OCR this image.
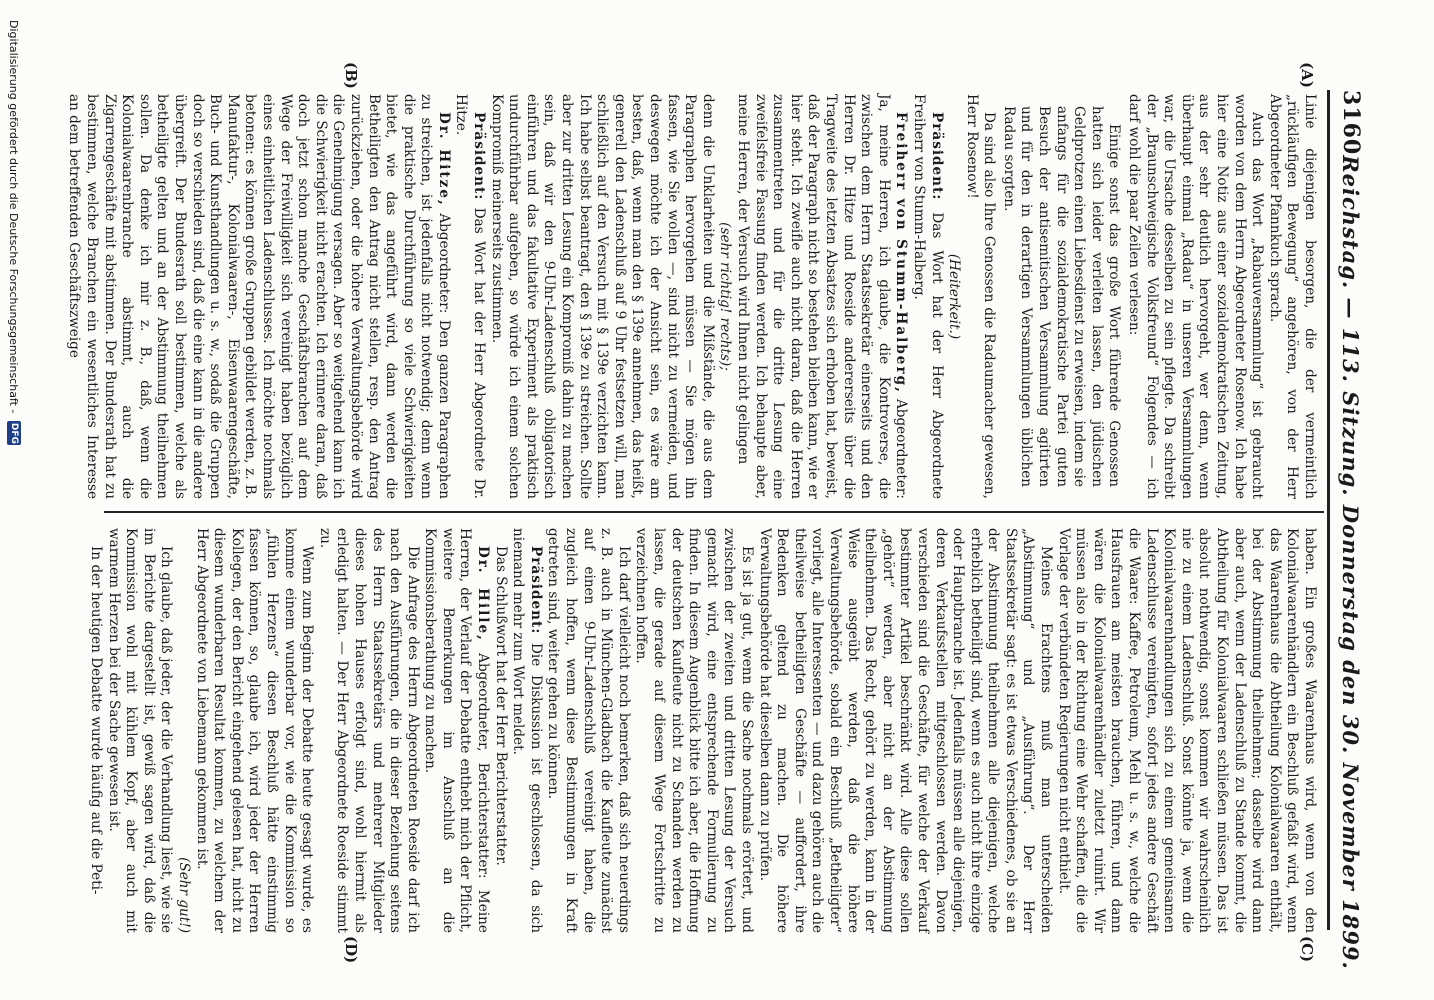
3160
Reichstag. — 113. Sitzung. Donnerstag den 30. November 1899.
(A)
(B)
(C)
(D)

Linie diejenigen besorgen, die der vermeintlich „rückläufigen Bewegung“ angehören, von der Herr Abgeordneter Pfannkuch sprach.

Auch das Wort „Rabauversammlung“ ist gebraucht worden von dem Herrn Abgeordneter Rosenow. Ich habe hier eine Notiz aus einer sozialdemokratischen Zeitung, aus der sehr deutlich hervorgeht, wer denn, wenn überhaupt einmal „Radau“ in unseren Versammlungen war, die Ursache desselben zu sein pflegte. Da schreibt der „Braunschweigische Volksfreund“ Folgendes — ich darf wohl die paar Zeilen verlesen:

Einige sonst das große Wort führende Genossen hatten sich leider verleiten lassen, den jüdischen Geldprotzen einen Liebesdienst zu erweisen, indem sie anfangs für die sozialdemokratische Partei guten Besuch der antisemitischen Versammlung agitirten und für den in derartigen Versammlungen üblichen Radau sorgten.

Da sind also Ihre Genossen die Radaumacher gewesen, Herr Rosenow!

(Heiterkeit.)

Präsident: Das Wort hat der Herr Abgeordnete Freiherr von Stumm-Halberg.

Freiherr von Stumm-Halberg, Abgeordneter: Ja, meine Herren, ich glaube, die Kontroverse, die zwischen dem Herrn Staatssekretär einerseits und den Herren Dr. Hitze und Roeside andererseits über die Tragweite des letzten Absatzes sich erhoben hat, beweist, daß der Paragraph nicht so bestehen bleiben kann, wie er hier steht. Ich zweifle auch nicht daran, daß die Herren zusammentreten und für die dritte Lesung eine zweifelsfreie Fassung finden werden. Ich behaupte aber, meine Herren, der Versuch wird Ihnen nicht gelingen

(sehr richtig! rechts);

denn die Unklarheiten und die Mißstände, die aus dem Paragraphen hervorgehen müssen — Sie mögen ihn fassen, wie Sie wollen —, sind nicht zu vermeiden, und deswegen möchte ich der Ansicht sein, es wäre am besten, daß, wenn man den § 139e annehmen, das heißt, generell den Ladenschluß auf 9 Uhr festsetzen will, man schließlich auf den Versuch mit § 139e verzichten kann. Ich habe selbst beantragt, den § 139e zu streichen. Sollte aber zur dritten Lesung ein Kompromiß dahin zu machen sein, daß wir den 9-Uhr-Ladenschluß obligatorisch einführen und das fakultative Experiment als praktisch undurchführbar aufgeben, so würde ich einem solchen Kompromiß meinerseits zustimmen.

Präsident: Das Wort hat der Herr Abgeordnete Dr. Hitze.

Dr. Hitze, Abgeordneter: Den ganzen Paragraphen zu streichen, ist jedenfalls nicht notwendig; denn wenn die praktische Durchführung so viele Schwierigkeiten bietet, wie das angeführt wird, dann werden die Betheiligten den Antrag nicht stellen, resp. den Antrag zurückziehen, oder die höhere Verwaltungsbehörde wird die Genehmigung versagen. Aber so weitgehend kann ich die Schwierigkeit nicht erachten. Ich erinnere daran, daß doch jetzt schon manche Geschäftsbranchen auf dem Wege der Freiwilligkeit sich vereinigt haben bezüglich eines einheitlichen Ladenschlusses. Ich möchte nochmals betonen: es können große Gruppen gebildet werden, z. B. Manufaktur-, Kolonialwaaren-, Eisenwaarengeschäfte, Buch- und Kunsthandlungen u. s. w., sodaß die Gruppen doch so verschieden sind, daß die eine kann in die andere übergreift. Der Bundesrath soll bestimmen, welche als betheiligte gelten und an der Abstimmung theilnehmen sollen. Da denke ich mir z. B., daß, wenn die Kolonialwaarenbranche abstimmt, auch die Zigarrengeschäfte mit abstimmen. Der Bundesrath hat zu bestimmen, welche Branchen ein wesentliches Interesse an dem betreffenden Geschäftszweige

haben. Ein großes Waarenhaus wird, wenn von den Kolonialwaarenhändlern ein Beschluß gefaßt wird, wenn das Waarenhaus die Abtheilung Kolonialwaaren enthält, bei der Abstimmung theilnehmen; dasselbe wird dann aber auch, wenn der Ladenschluß zu Stande kommt, die Abtheilung für Kolonialwaaren schließen müssen. Das ist absolut nothwendig, sonst kommen wir wahrscheinlich nie zu einem Ladenschluß. Sonst könnte ja, wenn die Kolonialwaarenhandlungen sich zu einem gemeinsamen Ladenschlusse vereinigten, sofort jedes andere Geschäft die Waare: Kaffee, Petroleum, Mehl u. s. w., welche die Hausfrauen am meisten brauchen, führen, und dann wären die Kolonialwaarenhändler zuletzt ruinirt. Wir müssen also in der Richtung eine Wehr schaffen, die die Vorlage der verbündeten Regierungen nicht enthielt.

Meines Erachtens muß man unterscheiden „Abstimmung“ und „Ausführung“. Der Herr Staatssekretär sagt: es ist etwas Verschiedenes, ob sie an der Abstimmung theilnehmen alle diejenigen, welche erheblich betheiligt sind, wenn es auch nicht ihre einzige oder Hauptbranche ist. Jedenfalls müssen alle diejenigen, deren Verkaufsstellen mitgeschlossen werden. Davon verschieden sind die Geschäfte, für welche der Verkauf bestimmter Artikel beschränkt wird. Alle diese sollen „gehört“ werden, aber nicht an der Abstimmung theilnehmen. Das Recht, gehört zu werden, kann in der Weise ausgeübt werden, daß die höhere Verwaltungsbehörde, sobald ein Beschluß „Betheiligter“ vorliegt, alle Interessenten — und dazu gehören auch die theilweise betheiligten Geschäfte — auffordert, ihre Bedenken geltend zu machen. Die höhere Verwaltungsbehörde hat dieselben dann zu prüfen.

Es ist ja gut, wenn die Sache nochmals erörtert, und zwischen der zweiten und dritten Lesung der Versuch gemacht wird, eine entsprechende Formulierung zu finden. In diesem Augenblick bitte ich aber, die Hoffnung der deutschen Kaufleute nicht zu Schanden werden zu lassen, die gerade auf diesem Wege Fortschritte zu verzeichnen hoffen.

Ich darf vielleicht noch bemerken, daß sich neuerdings z. B. auch in München-Gladbach die Kaufleute zunächst auf einen 9-Uhr-Ladenschluß vereinigt haben, die zugleich hoffen, wenn diese Bestimmungen in Kraft getreten sind, weiter gehen zu können.

Präsident: Die Diskussion ist geschlossen, da sich niemand mehr zum Wort meldet.

Das Schlußwort hat der Herr Berichterstatter.

Dr. Hille, Abgeordneter, Berichterstatter: Meine Herren, der Verlauf der Debatte enthebt mich der Pflicht, weitere Bemerkungen im Anschluß an die Kommissionsberathung zu machen.

Die Anfrage des Herrn Abgeordneten Roeside darf ich nach den Ausführungen, die in dieser Beziehung seitens des Herrn Staatssekretärs und mehrerer Mitglieder dieses hohen Hauses erfolgt sind, wohl hiermit als erledigt halten. — Der Herr Abgeordnete Roeside stimmt zu.

Wenn zum Beginn der Debatte heute gesagt wurde, es komme einem wunderbar vor, wie die Kommission so „fühlen Herzens“ diesen Beschluß hätte einstimmig fassen können, so, glaube ich, wird jeder der Herren Kollegen, der den Bericht eingehend gelesen hat, nicht zu diesem wunderbaren Resultat kommen, zu welchem der Herr Abgeordnete von Liebemann gekommen ist.

(Sehr gut!)

Ich glaube, daß jeder, der die Verhandlung liest, wie sie im Berichte dargestellt ist, gewiß sagen wird, daß die Kommission wohl mit kühlem Kopf, aber auch mit warmem Herzen bei der Sache gewesen ist.

In der heutigen Debatte wurde häufig auf die Peti-

Digitalisierung gefördert durch die Deutsche Forschungsgemeinschaft -
DFG
